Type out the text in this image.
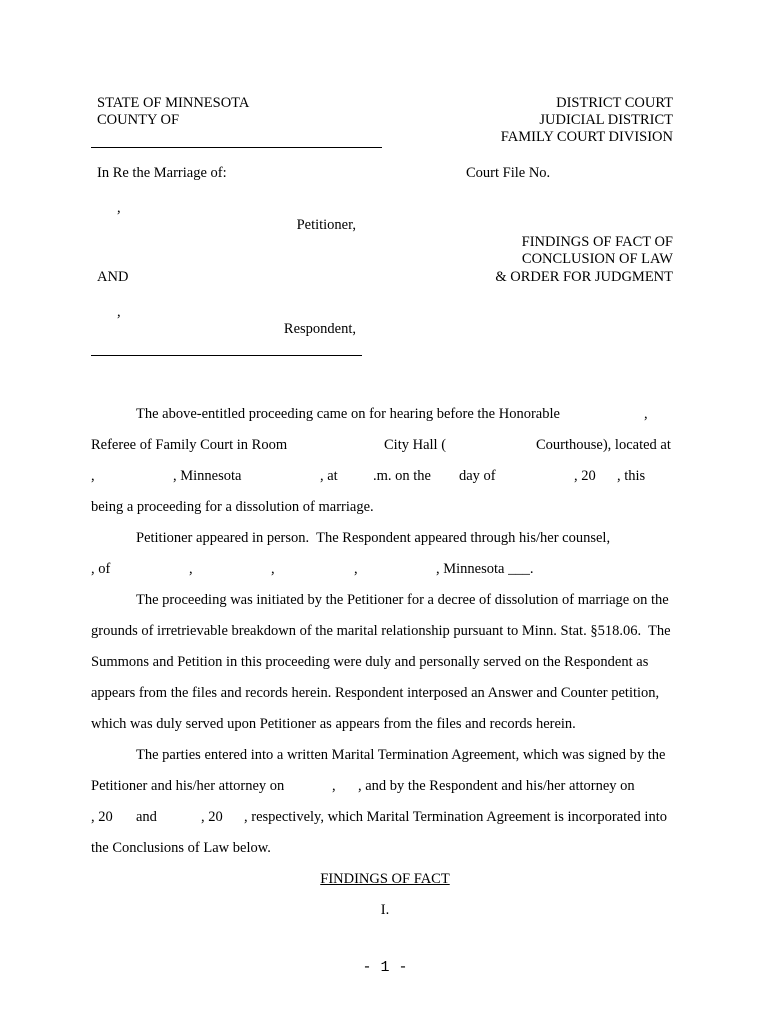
STATE OF MINNESOTA
COUNTY OF
DISTRICT COURT
JUDICIAL DISTRICT
FAMILY COURT DIVISION
In Re the Marriage of:	Court File No.
,
Petitioner,
FINDINGS OF FACT OF
CONCLUSION OF LAW
AND	& ORDER FOR JUDGMENT
,
Respondent,
The above-entitled proceeding came on for hearing before the Honorable	,
Referee of Family Court in Room	City Hall (	Courthouse), located at
,	, Minnesota	, at .m. on the day of	, 20 , this
being a proceeding for a dissolution of marriage.
Petitioner appeared in person.  The Respondent appeared through his/her counsel,
, of	,	,	,	, Minnesota ___.
The proceeding was initiated by the Petitioner for a decree of dissolution of marriage on the
grounds of irretrievable breakdown of the marital relationship pursuant to Minn. Stat. §518.06.  The
Summons and Petition in this proceeding were duly and personally served on the Respondent as
appears from the files and records herein. Respondent interposed an Answer and Counter petition,
which was duly served upon Petitioner as appears from the files and records herein.
The parties entered into a written Marital Termination Agreement, which was signed by the
Petitioner and his/her attorney on	, , and by the Respondent and his/her attorney on
, 20 and	, 20 , respectively, which Marital Termination Agreement is incorporated into
the Conclusions of Law below.
FINDINGS OF FACT
I.
- 1 -
